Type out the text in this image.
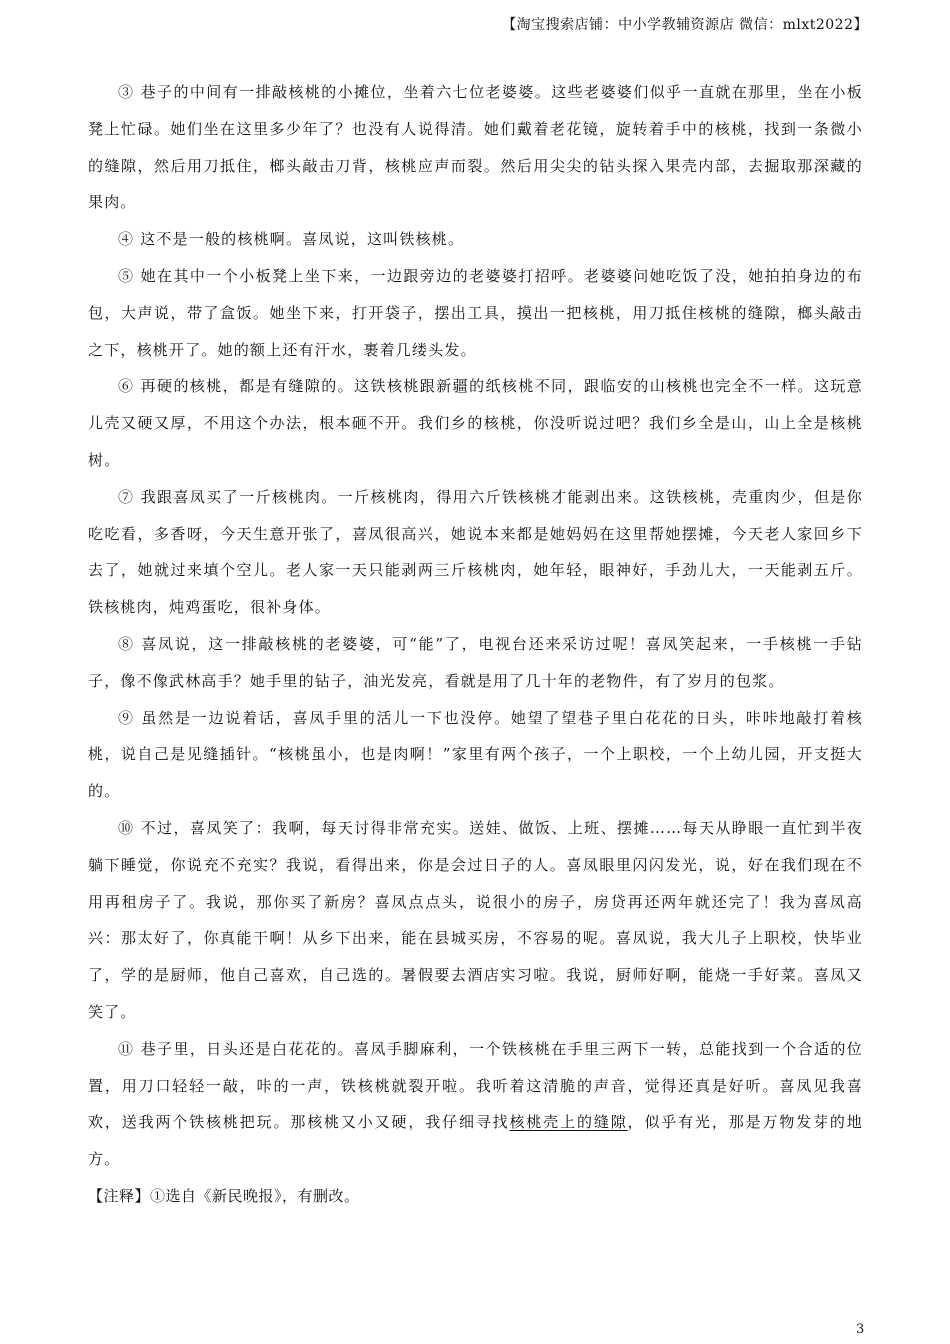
【淘宝搜索店铺：中小学教辅资源店 微信：mlxt2022】

③ 巷子的中间有一排敲核桃的小摊位，坐着六七位老婆婆。这些老婆婆们似乎一直就在那里，坐在小板凳上忙碌。她们坐在这里多少年了？也没有人说得清。她们戴着老花镜，旋转着手中的核桃，找到一条微小的缝隙，然后用刀抵住，榔头敲击刀背，核桃应声而裂。然后用尖尖的钻头探入果壳内部，去掘取那深藏的果肉。

④ 这不是一般的核桃啊。喜凤说，这叫铁核桃。

⑤ 她在其中一个小板凳上坐下来，一边跟旁边的老婆婆打招呼。老婆婆问她吃饭了没，她拍拍身边的布包，大声说，带了盒饭。她坐下来，打开袋子，摆出工具，摸出一把核桃，用刀抵住核桃的缝隙，榔头敲击之下，核桃开了。她的额上还有汗水，裹着几缕头发。

⑥ 再硬的核桃，都是有缝隙的。这铁核桃跟新疆的纸核桃不同，跟临安的山核桃也完全不一样。这玩意儿壳又硬又厚，不用这个办法，根本砸不开。我们乡的核桃，你没听说过吧？我们乡全是山，山上全是核桃树。

⑦ 我跟喜凤买了一斤核桃肉。一斤核桃肉，得用六斤铁核桃才能剥出来。这铁核桃，壳重肉少，但是你吃吃看，多香呀，今天生意开张了，喜凤很高兴，她说本来都是她妈妈在这里帮她摆摊，今天老人家回乡下去了，她就过来填个空儿。老人家一天只能剥两三斤核桃肉，她年轻，眼神好，手劲儿大，一天能剥五斤。铁核桃肉，炖鸡蛋吃，很补身体。

⑧ 喜凤说，这一排敲核桃的老婆婆，可“能”了，电视台还来采访过呢！喜凤笑起来，一手核桃一手钻子，像不像武林高手？她手里的钻子，油光发亮，看就是用了几十年的老物件，有了岁月的包浆。

⑨ 虽然是一边说着话，喜凤手里的活儿一下也没停。她望了望巷子里白花花的日头，咔咔地敲打着核桃，说自己是见缝插针。“核桃虽小，也是肉啊！”家里有两个孩子，一个上职校，一个上幼儿园，开支挺大的。

⑩ 不过，喜凤笑了：我啊，每天讨得非常充实。送娃、做饭、上班、摆摊……每天从睁眼一直忙到半夜躺下睡觉，你说充不充实？我说，看得出来，你是会过日子的人。喜凤眼里闪闪发光，说，好在我们现在不用再租房子了。我说，那你买了新房？喜凤点点头，说很小的房子，房贷再还两年就还完了！我为喜凤高兴：那太好了，你真能干啊！从乡下出来，能在县城买房，不容易的呢。喜凤说，我大儿子上职校，快毕业了，学的是厨师，他自己喜欢，自己选的。暑假要去酒店实习啦。我说，厨师好啊，能烧一手好菜。喜凤又笑了。

⑪ 巷子里，日头还是白花花的。喜凤手脚麻利，一个铁核桃在手里三两下一转，总能找到一个合适的位置，用刀口轻轻一敲，咔的一声，铁核桃就裂开啦。我听着这清脆的声音，觉得还真是好听。喜凤见我喜欢，送我两个铁核桃把玩。那核桃又小又硬，我仔细寻找核桃壳上的缝隙，似乎有光，那是万物发芽的地方。

【注释】①选自《新民晚报》，有删改。

3
